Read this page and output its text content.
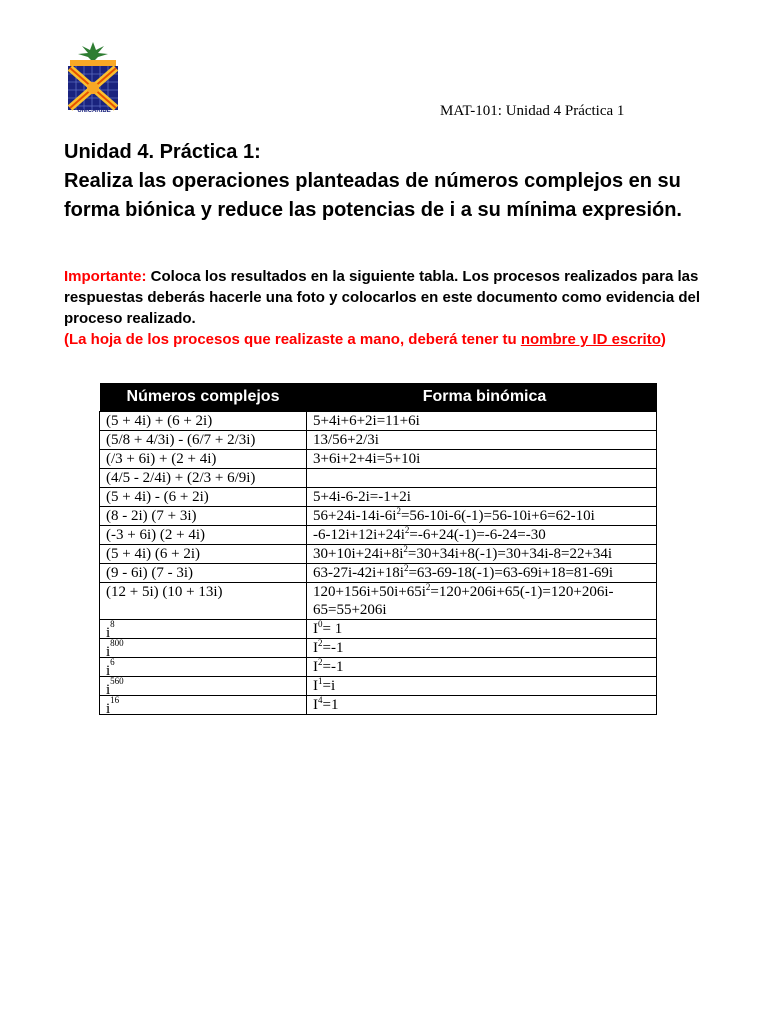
UNICARIBE	MAT-101: Unidad 4 Práctica 1
Unidad 4. Práctica 1:
Realiza las operaciones planteadas de números complejos en su forma biónica y reduce las potencias de i a su mínima expresión.
Importante: Coloca los resultados en la siguiente tabla. Los procesos realizados para las respuestas deberás hacerle una foto y colocarlos en este documento como evidencia del proceso realizado.
(La hoja de los procesos que realizaste a mano, deberá tener tu nombre y ID escrito)
Números complejos	Forma binómica
(5 + 4i) + (6 + 2i)	5+4i+6+2i=11+6i
(5/8 + 4/3i) - (6/7 + 2/3i)	13/56+2/3i
(/3 + 6i) + (2 + 4i)	3+6i+2+4i=5+10i
(4/5 - 2/4i) + (2/3 + 6/9i)	
(5 + 4i) - (6 + 2i)	5+4i-6-2i=-1+2i
(8 - 2i) (7 + 3i)	$56+24i-14i-6i^2=56-10i-6(-1)=56-10i+6=62-10i$
(-3 + 6i) (2 + 4i)	$-6-12i+12i+24i^2=-6+24(-1)=-6-24=-30$
(5 + 4i) (6 + 2i)	$30+10i+24i+8i^2=30+34i+8(-1)=30+34i-8=22+34i$
(9 - 6i) (7 - 3i)	$63-27i-42i+18i^2=63-69-18(-1)=63-69i+18=81-69i$
(12 + 5i) (10 + 13i)	$120+156i+50i+65i^2=120+206i+65(-1)=120+206i-65=55+206i$
$i^8$	$I^0= 1$
$i^{800}$	$I^2=-1$
$i^6$	$I^2=-1$
$i^{560}$	$I^1=i$
$i^{16}$	$I^4=1$
